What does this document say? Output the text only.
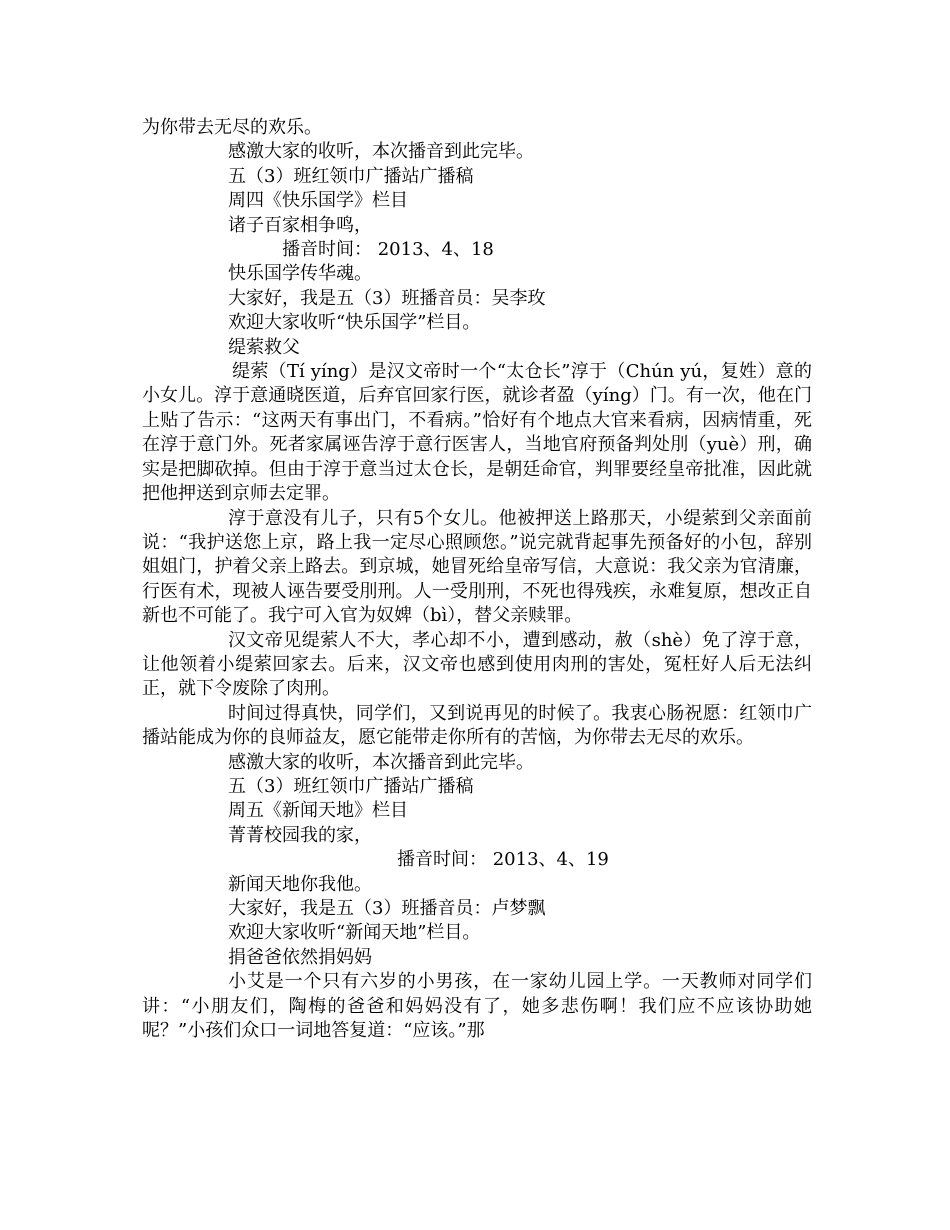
为你带去无尽的欢乐。

感激大家的收听，本次播音到此完毕。

五（3）班红领巾广播站广播稿

周四《快乐国学》栏目

诸子百家相争鸣，

播音时间： 2013、4、18

快乐国学传华魂。

大家好，我是五（3）班播音员：吴李玫

欢迎大家收听“快乐国学”栏目。

缇萦救父

缇萦（Tí yíng）是汉文帝时一个“太仓长”淳于（Chún yú，复姓）意的小女儿。淳于意通晓医道，后弃官回家行医，就诊者盈（yíng）门。有一次，他在门上贴了告示：“这两天有事出门，不看病。”恰好有个地点大官来看病，因病情重，死在淳于意门外。死者家属诬告淳于意行医害人，当地官府预备判处刖（yuè）刑，确实是把脚砍掉。但由于淳于意当过太仓长，是朝廷命官，判罪要经皇帝批准，因此就把他押送到京师去定罪。

淳于意没有儿子，只有5个女儿。他被押送上路那天，小缇萦到父亲面前说：“我护送您上京，路上我一定尽心照顾您。”说完就背起事先预备好的小包，辞别姐姐门，护着父亲上路去。到京城，她冒死给皇帝写信，大意说：我父亲为官清廉，行医有术，现被人诬告要受刖刑。人一受刖刑，不死也得残疾，永难复原，想改正自新也不可能了。我宁可入官为奴婢（bì），替父亲赎罪。

汉文帝见缇萦人不大，孝心却不小，遭到感动，赦（shè）免了淳于意，让他领着小缇萦回家去。后来，汉文帝也感到使用肉刑的害处，冤枉好人后无法纠正，就下令废除了肉刑。

时间过得真快，同学们，又到说再见的时候了。我衷心肠祝愿：红领巾广播站能成为你的良师益友，愿它能带走你所有的苦恼，为你带去无尽的欢乐。

感激大家的收听，本次播音到此完毕。

五（3）班红领巾广播站广播稿

周五《新闻天地》栏目

菁菁校园我的家，

播音时间： 2013、4、19

新闻天地你我他。

大家好，我是五（3）班播音员：卢梦飘

欢迎大家收听“新闻天地”栏目。

捐爸爸依然捐妈妈

小艾是一个只有六岁的小男孩，在一家幼儿园上学。一天教师对同学们讲：“小朋友们，陶梅的爸爸和妈妈没有了，她多悲伤啊！我们应不应该协助她呢？”小孩们众口一词地答复道：“应该。”那
